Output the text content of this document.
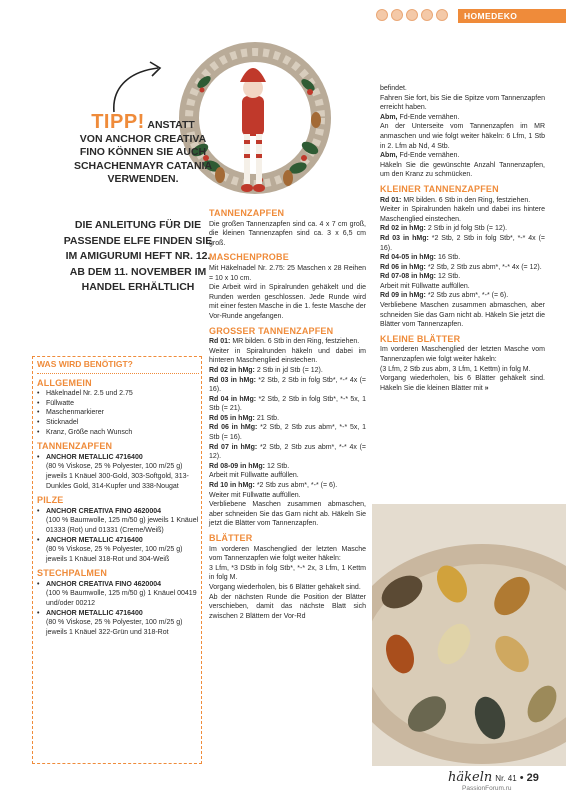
HOMEDEKO
TIPP! ANSTATT
VON ANCHOR CREATIVA
FINO KÖNNEN SIE AUCH
SCHACHENMAYR CATANIA
VERWENDEN.
DIE ANLEITUNG FÜR DIE
PASSENDE ELFE FINDEN SIE
IM AMIGURUMI HEFT NR. 12.
AB DEM 11. NOVEMBER IM
HANDEL ERHÄLTLICH
WAS WIRD BENÖTIGT?
ALLGEMEIN
• Häkelnadel Nr. 2.5 und 2.75
• Füllwatte
• Maschenmarkierer
• Sticknadel
• Kranz, Größe nach Wunsch
TANNENZAPFEN
• ANCHOR METALLIC 4716400
(80 % Viskose, 25 % Polyester, 100 m/25 g) jeweils 1 Knäuel 300-Gold, 303-Softgold, 313-Dunkles Gold, 314-Kupfer und 338-Nougat
PILZE
• ANCHOR CREATIVA FINO 4620004
(100 % Baumwolle, 125 m/50 g) jeweils 1 Knäuel 01333 (Rot) und 01331 (Creme/Weiß)
• ANCHOR METALLIC 4716400
(80 % Viskose, 25 % Polyester, 100 m/25 g) jeweils 1 Knäuel 318-Rot und 304-Weiß
STECHPALMEN
• ANCHOR CREATIVA FINO 4620004
(100 % Baumwolle, 125 m/50 g) 1 Knäuel 00419 und/oder 00212
• ANCHOR METALLIC 4716400
(80 % Viskose, 25 % Polyester, 100 m/25 g) jeweils 1 Knäuel 322-Grün und 318-Rot
TANNENZAPFEN

Die großen Tannenzapfen sind ca. 4 x 7 cm groß, die kleinen Tannenzapfen sind ca. 3 x 6,5 cm groß.

MASCHENPROBE

Mit Häkelnadel Nr. 2.75: 25 Maschen x 28 Reihen = 10 x 10 cm.

Die Arbeit wird in Spiralrunden gehäkelt und die Runden werden geschlossen. Jede Runde wird mit einer festen Masche in die 1. feste Masche der Vor-Runde angefangen.

GROSSER TANNENZAPFEN

Rd 01: MR bilden. 6 Stb in den Ring, festziehen.

Weiter in Spiralrunden häkeln und dabei im hinteren Maschenglied einstechen.

Rd 02 in hMg: 2 Stb in jd Stb (= 12).

Rd 03 in hMg: *2 Stb, 2 Stb in folg Stb*, *-* 4x (= 16).

Rd 04 in hMg: *2 Stb, 2 Stb in folg Stb*, *-* 5x, 1 Stb (= 21).

Rd 05 in hMg: 21 Stb.

Rd 06 in hMg: *2 Stb, 2 Stb zus abm*, *-* 5x, 1 Stb (= 16).

Rd 07 in hMg: *2 Stb, 2 Stb zus abm*, *-* 4x (= 12).

Rd 08-09 in hMg: 12 Stb.

Arbeit mit Füllwatte auffüllen.

Rd 10 in hMg: *2 Stb zus abm*, *-* (= 6).

Weiter mit Füllwatte auffüllen.

Verbliebene Maschen zusammen abmaschen, aber schneiden Sie das Garn nicht ab. Häkeln Sie jetzt die Blätter vom Tannenzapfen.

BLÄTTER

Im vorderen Maschenglied der letzten Masche vom Tannenzapfen wie folgt weiter häkeln:

3 Lfm, *3 DStb in folg Stb*, *-* 2x, 3 Lfm, 1 Kettm in folg M.

Vorgang wiederholen, bis 6 Blätter gehäkelt sind.

Ab der nächsten Runde die Position der Blätter verschieben, damit das nächste Blatt sich zwischen 2 Blättern der Vor-Rd

befindet.

Fahren Sie fort, bis Sie die Spitze vom Tannenzapfen erreicht haben.

Abm, Fd-Ende vernähen.

An der Unterseite vom Tannenzapfen im MR anmaschen und wie folgt weiter häkeln: 6 Lfm, 1 Stb in 2. Lfm ab Nd, 4 Stb.

Abm, Fd-Ende vernähen.

Häkeln Sie die gewünschte Anzahl Tannenzapfen, um den Kranz zu schmücken.

KLEINER TANNENZAPFEN

Rd 01: MR bilden. 6 Stb in den Ring, festziehen.

Weiter in Spiralrunden häkeln und dabei ins hintere Maschenglied einstechen.

Rd 02 in hMg: 2 Stb in jd folg Stb (= 12).

Rd 03 in hMg: *2 Stb, 2 Stb in folg Stb*, *-* 4x (= 16).

Rd 04-05 in hMg: 16 Stb.

Rd 06 in hMg: *2 Stb, 2 Stb zus abm*, *-* 4x (= 12).

Rd 07-08 in hMg: 12 Stb.

Arbeit mit Füllwatte auffüllen.

Rd 09 in hMg: *2 Stb zus abm*, *-* (= 6).

Verbliebene Maschen zusammen abmaschen, aber schneiden Sie das Garn nicht ab. Häkeln Sie jetzt die Blätter vom Tannenzapfen.

KLEINE BLÄTTER

Im vorderen Maschenglied der letzten Masche vom Tannenzapfen wie folgt weiter häkeln:

(3 Lfm, 2 Stb zus abm, 3 Lfm, 1 Kettm) in folg M.

Vorgang wiederholen, bis 6 Blätter gehäkelt sind. Häkeln Sie die kleinen Blätter mit »

häkeln Nr. 41 • 29
PassionForum.ru
